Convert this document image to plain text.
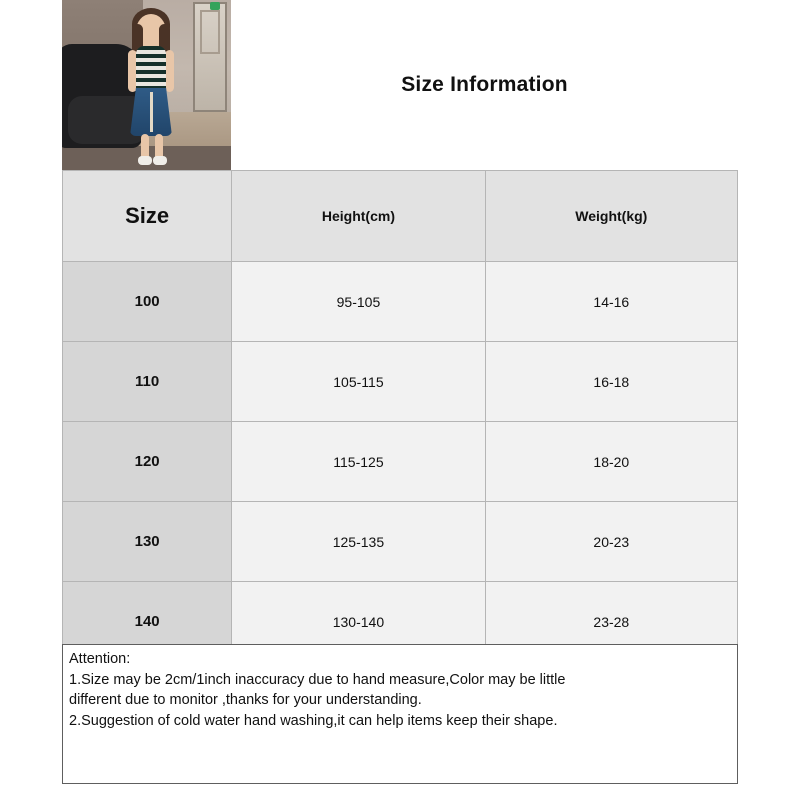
Size Information
Size	Height(cm)	Weight(kg)
100	95-105	14-16
110	105-115	16-18
120	115-125	18-20
130	125-135	20-23
140	130-140	23-28
Attention:
1.Size may be 2cm/1inch inaccuracy due to hand measure,Color may be little
different due to monitor ,thanks for your understanding.
2.Suggestion of cold water hand washing,it can help items keep their shape.
